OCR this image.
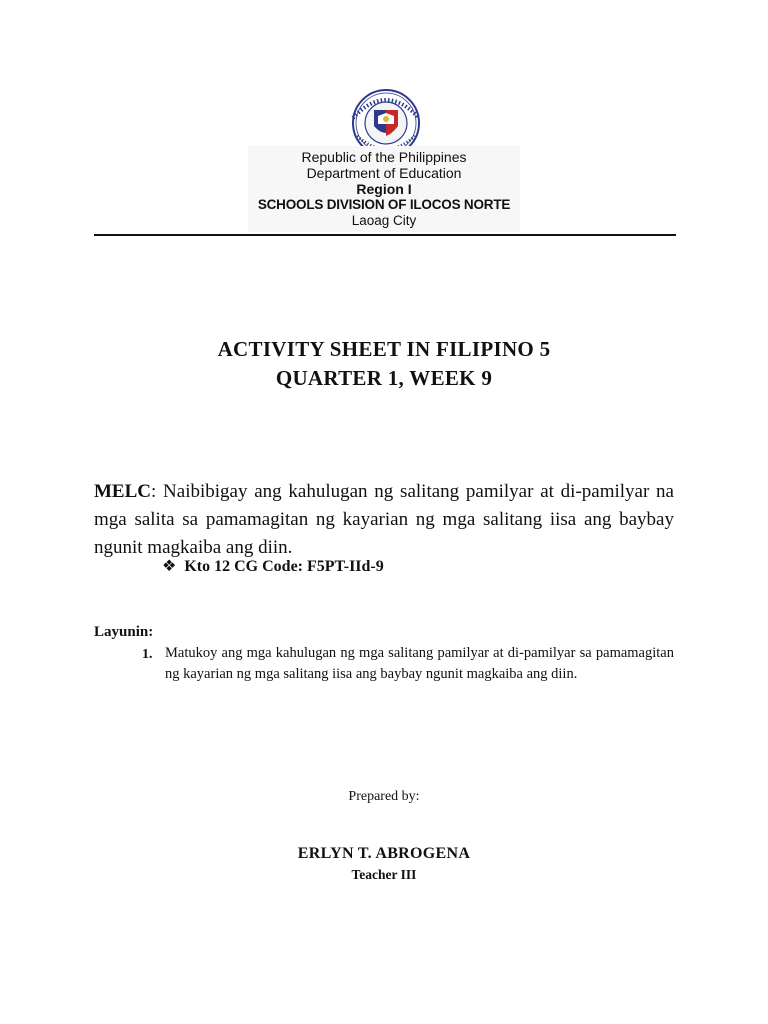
Republic of the Philippines
Department of Education
Region I
SCHOOLS DIVISION OF ILOCOS NORTE
Laoag City
ACTIVITY SHEET IN FILIPINO 5
QUARTER 1, WEEK 9
MELC: Naibibigay ang kahulugan ng salitang pamilyar at di-pamilyar na mga salita sa pamamagitan ng kayarian ng mga salitang iisa ang baybay ngunit magkaiba ang diin.
❖ Kto 12 CG Code: F5PT-IId-9
Layunin:
1. Matukoy ang mga kahulugan ng mga salitang pamilyar at di-pamilyar sa pamamagitan ng kayarian ng mga salitang iisa ang baybay ngunit magkaiba ang diin.
Prepared by:
ERLYN T. ABROGENA
Teacher III
